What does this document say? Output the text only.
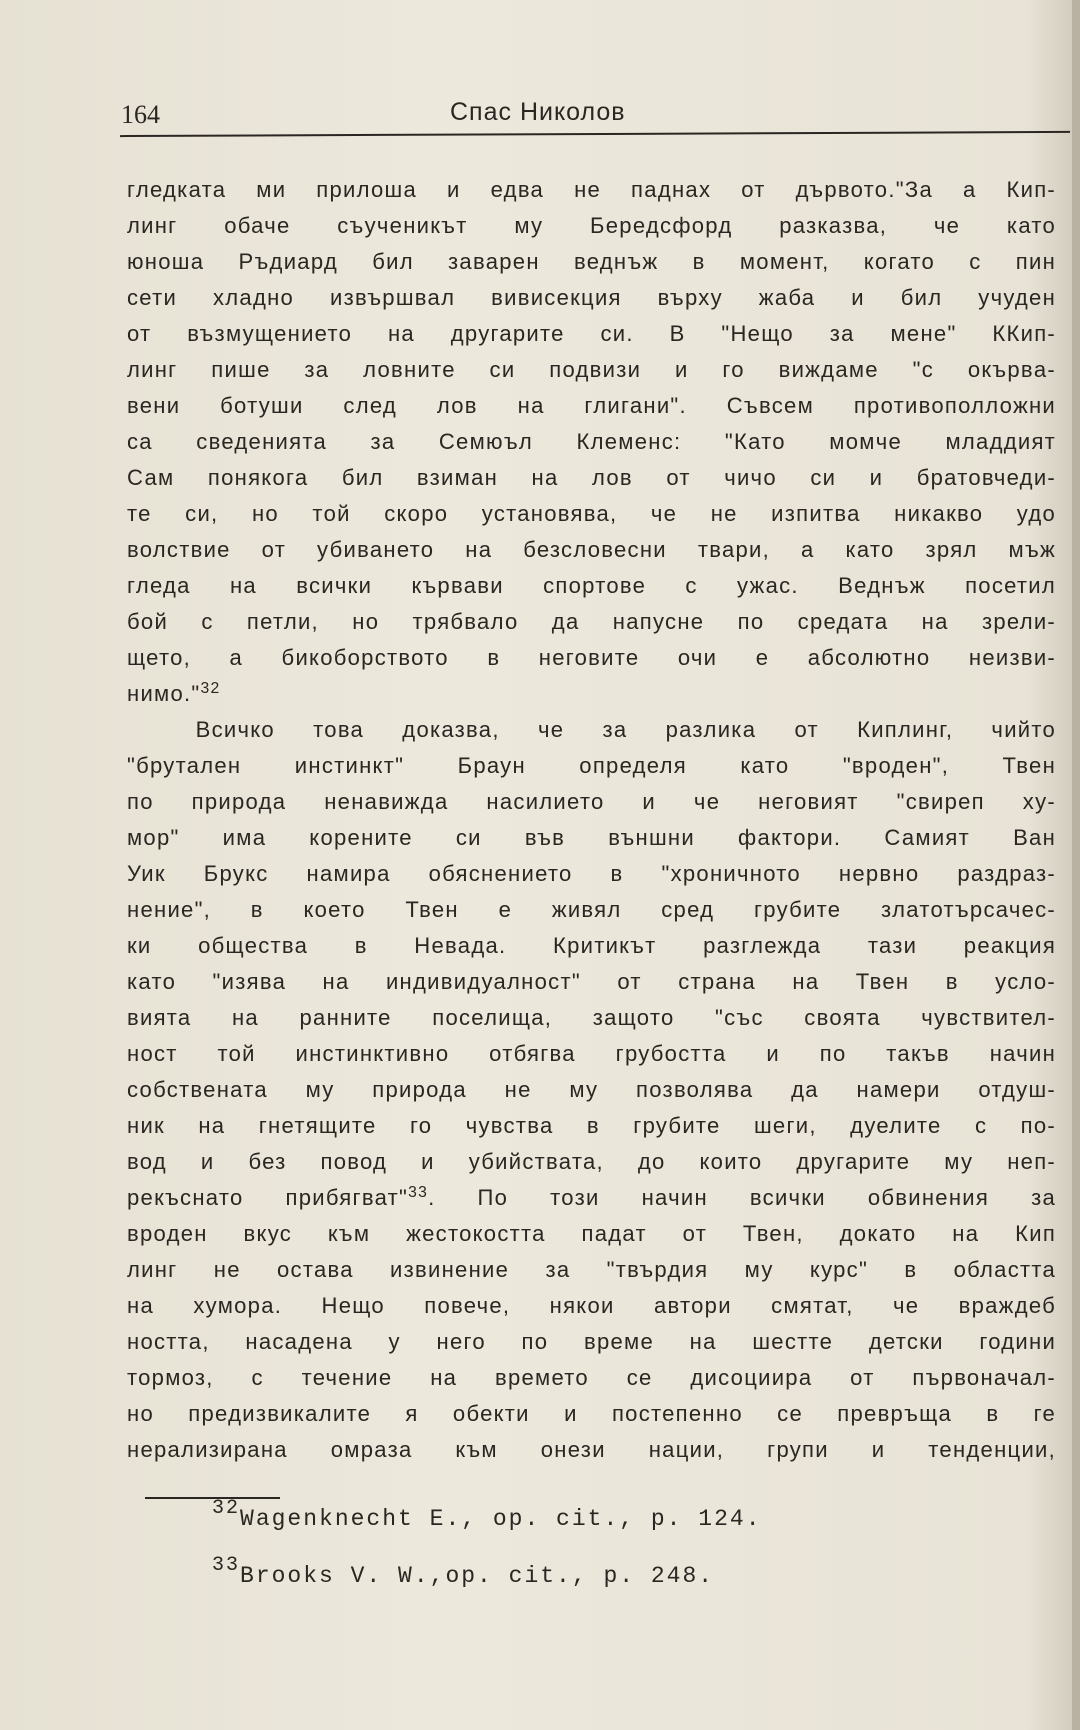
164	Спас Николов
гледката ми прилоша и едва не паднах от дървото."За а Кип-
линг обаче съученикът му Бередсфорд разказва, че като
юноша Ръдиард бил заварен веднъж в момент, когато с пин
сети хладно извършвал вивисекция върху жаба и бил учуден
от възмущението на другарите си. В "Нещо за мене" ККип-
линг пише за ловните си подвизи и го виждаме "с окървa-
вени ботуши след лов на глигани". Съвсем противополложни
са сведенията за Семюъл Клеменс: "Като момче младдият
Сам понякога бил взиман на лов от чичо си и братовчеди-
те си, но той скоро установява, че не изпитва никакво удо
волствие от убиването на безсловесни твари, а като зрял мъж
гледа на всички кървави спортове с ужас. Веднъж посетил
бой с петли, но трябвало да напусне по средата на зрели-
щето, а бикоборството в неговите очи е абсолютно неизви-
нимо."$^{32}$
Всичко това доказва, че за разлика от Киплинг, чийто
"брутален инстинкт" Браун определя като "вроден", Твен
по природа ненавижда насилието и че неговият "свиреп ху-
мор" има корените си във външни фактори. Самият Ван
Уик Брукс намира обяснението в "хроничното нервно раздраз-
нение", в което Твен е живял сред грубите златотърсачес-
ки общества в Невада. Критикът разглежда тази реакция
като "изява на индивидуалност" от страна на Твен в усло-
вията на ранните поселища, защото "със своята чувствител-
ност той инстинктивно отбягва грубостта и по такъв начин
собствената му природа не му позволява да намери отдуш-
ник на гнетящите го чувства в грубите шеги, дуелите с по-
вод и без повод и убийствата, до които другарите му неп-
рекъснато прибягват"$^{33}$. По този начин всички обвинения за
вроден вкус към жестокостта падат от Твен, докато на Кип
линг не остава извинение за "твърдия му курс" в областта
на хумора. Нещо повече, някои автори смятат, че враждеб
ността, насадена у него по време на шестте детски години
тормоз, с течение на времето се дисоциира от първоначал-
но предизвикалите я обекти и постепенно се превръща в ге
нерализирана омраза към онези нации, групи и тенденции,
$^{32}$Wagenknecht E., op. cit., p. 124.
$^{33}$Brooks V. W.,op. cit., p. 248.
